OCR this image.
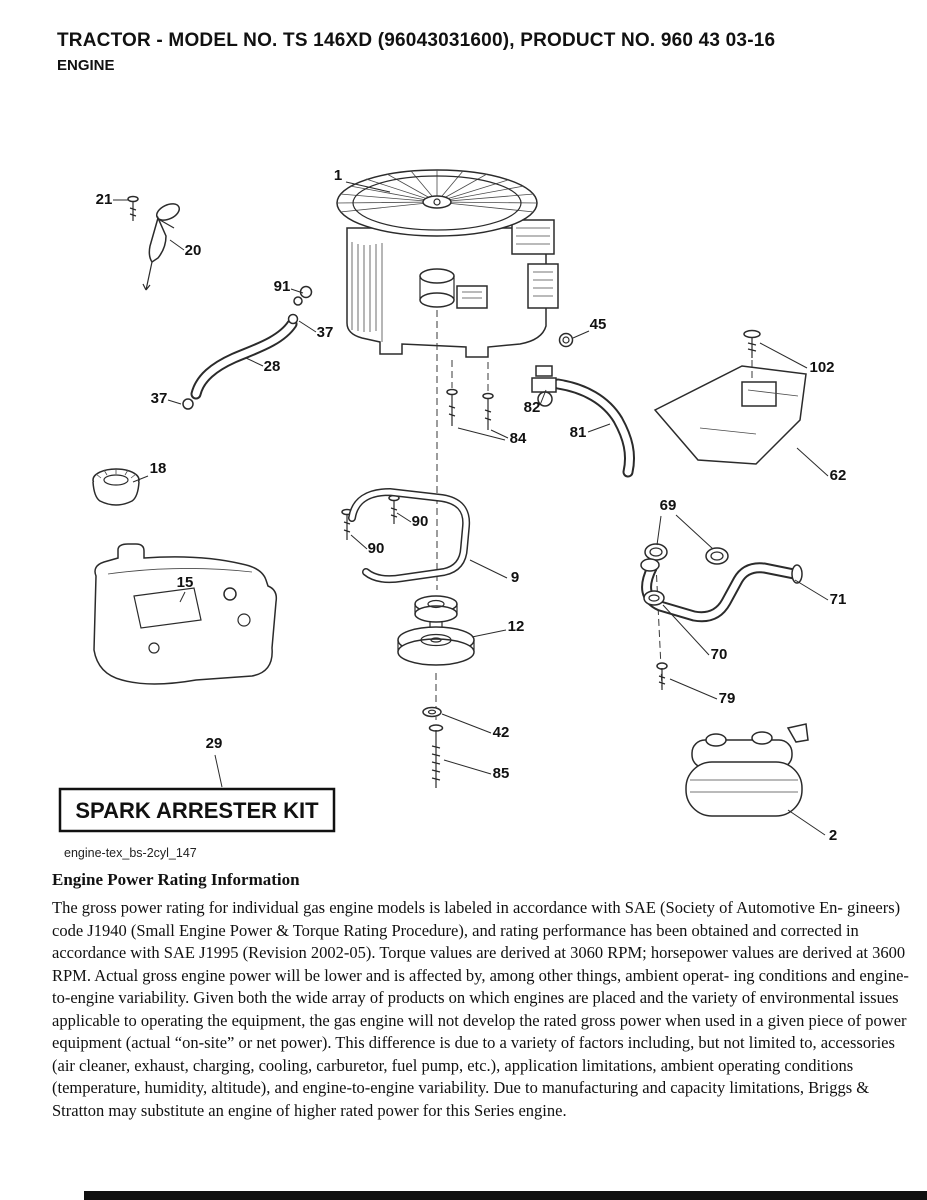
TRACTOR - MODEL NO. TS 146XD (96043031600), PRODUCT NO. 960 43 03-16
ENGINE
SPARK ARRESTER KIT
engine-tex_bs-2cyl_147
1
21
20
91
37
28
37
45
102
82
84	81
62
18
90
90
9
69
15
12
71
70
79
29
42
85
2
Engine Power Rating Information

The gross power rating for individual gas engine models is labeled in accordance with SAE (Society of Automotive En- gineers) code J1940 (Small Engine Power & Torque Rating Procedure), and rating performance has been obtained and corrected in accordance with SAE J1995 (Revision 2002-05). Torque values are derived at 3060 RPM; horsepower values are derived at 3600 RPM. Actual gross engine power will be lower and is affected by, among other things, ambient operat- ing conditions and engine-to-engine variability. Given both the wide array of products on which engines are placed and the variety of environmental issues applicable to operating the equipment, the gas engine will not develop the rated gross power when used in a given piece of power equipment (actual “on-site” or net power). This difference is due to a variety of factors including, but not limited to, accessories (air cleaner, exhaust, charging, cooling, carburetor, fuel pump, etc.), application limitations, ambient operating conditions (temperature, humidity, altitude), and engine-to-engine variability. Due to manufacturing and capacity limitations, Briggs & Stratton may substitute an engine of higher rated power for this Series engine.
